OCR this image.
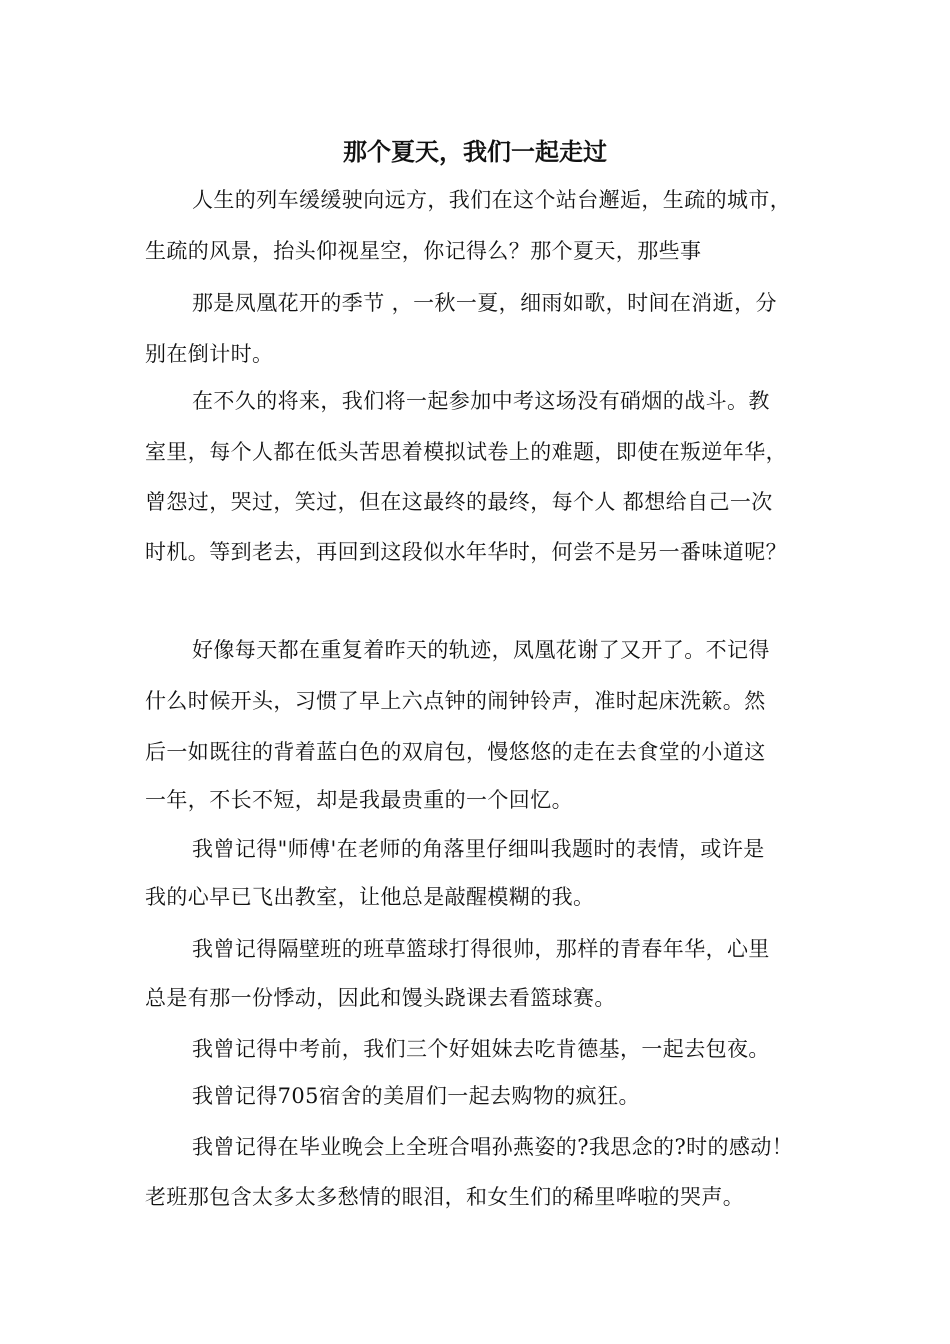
那个夏天，我们一起走过
人生的列车缓缓驶向远方，我们在这个站台邂逅，生疏的城市，
生疏的风景，抬头仰视星空，你记得么？那个夏天，那些事
那是凤凰花开的季节 ，一秋一夏，细雨如歌，时间在消逝，分
别在倒计时。
在不久的将来，我们将一起参加中考这场没有硝烟的战斗。教
室里，每个人都在低头苦思着模拟试卷上的难题，即使在叛逆年华，
曾怨过，哭过，笑过，但在这最终的最终，每个人 都想给自己一次
时机。等到老去，再回到这段似水年华时，何尝不是另一番味道呢？
好像每天都在重复着昨天的轨迹，凤凰花谢了又开了。不记得
什么时候开头，习惯了早上六点钟的闹钟铃声，准时起床洗簌。然
后一如既往的背着蓝白色的双肩包，慢悠悠的走在去食堂的小道这
一年，不长不短，却是我最贵重的一个回忆。
我曾记得"师傅'在老师的角落里仔细叫我题时的表情，或许是
我的心早已飞出教室，让他总是敲醒模糊的我。
我曾记得隔壁班的班草篮球打得很帅，那样的青春年华，心里
总是有那一份悸动，因此和馒头跷课去看篮球赛。
我曾记得中考前，我们三个好姐妹去吃肯德基，一起去包夜。
我曾记得705宿舍的美眉们一起去购物的疯狂。
我曾记得在毕业晚会上全班合唱孙燕姿的?我思念的?时的感动！
老班那包含太多太多愁情的眼泪，和女生们的稀里哗啦的哭声。
